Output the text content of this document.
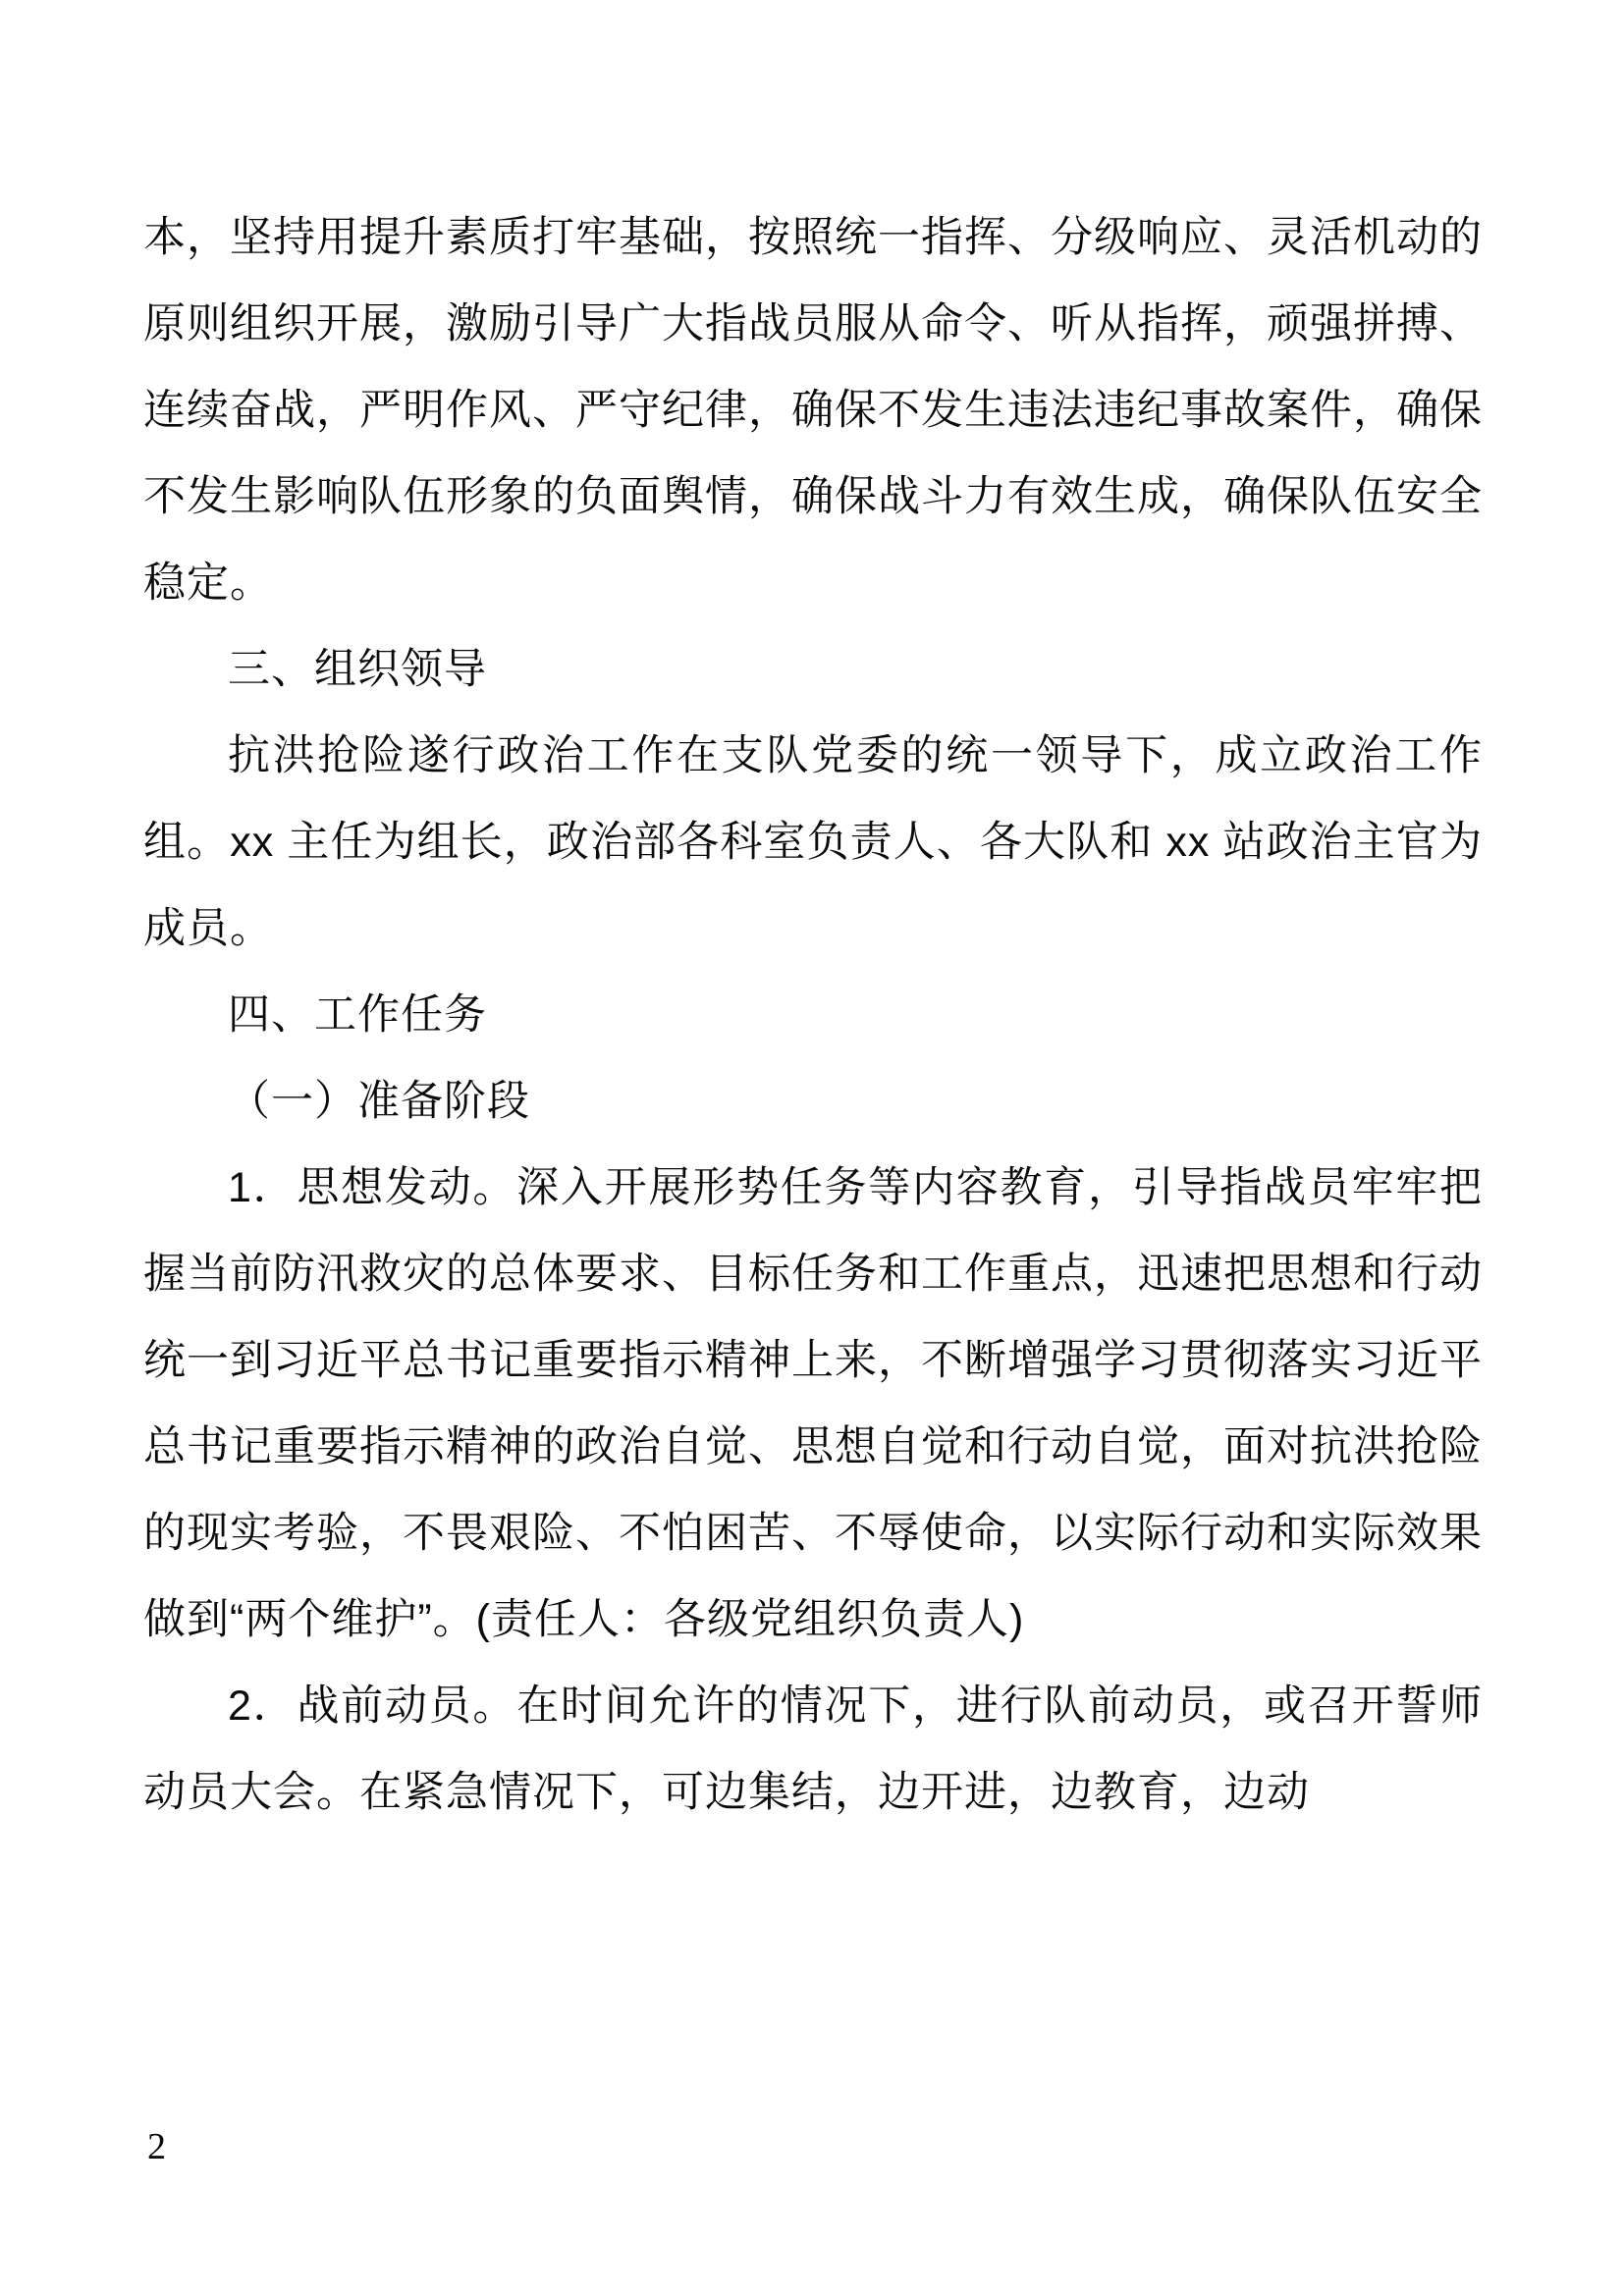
本，坚持用提升素质打牢基础，按照统一指挥、分级响应、灵活机动的原则组织开展，激励引导广大指战员服从命令、听从指挥，顽强拼搏、连续奋战，严明作风、严守纪律，确保不发生违法违纪事故案件，确保不发生影响队伍形象的负面舆情，确保战斗力有效生成，确保队伍安全稳定。

三、组织领导

抗洪抢险遂行政治工作在支队党委的统一领导下，成立政治工作组。xx 主任为组长，政治部各科室负责人、各大队和 xx 站政治主官为成员。

四、工作任务

（一）准备阶段

1．思想发动。深入开展形势任务等内容教育，引导指战员牢牢把握当前防汛救灾的总体要求、目标任务和工作重点，迅速把思想和行动统一到习近平总书记重要指示精神上来，不断增强学习贯彻落实习近平总书记重要指示精神的政治自觉、思想自觉和行动自觉，面对抗洪抢险的现实考验，不畏艰险、不怕困苦、不辱使命，以实际行动和实际效果做到“两个维护”。(责任人：各级党组织负责人)

2．战前动员。在时间允许的情况下，进行队前动员，或召开誓师动员大会。在紧急情况下，可边集结，边开进，边教育，边动

2
